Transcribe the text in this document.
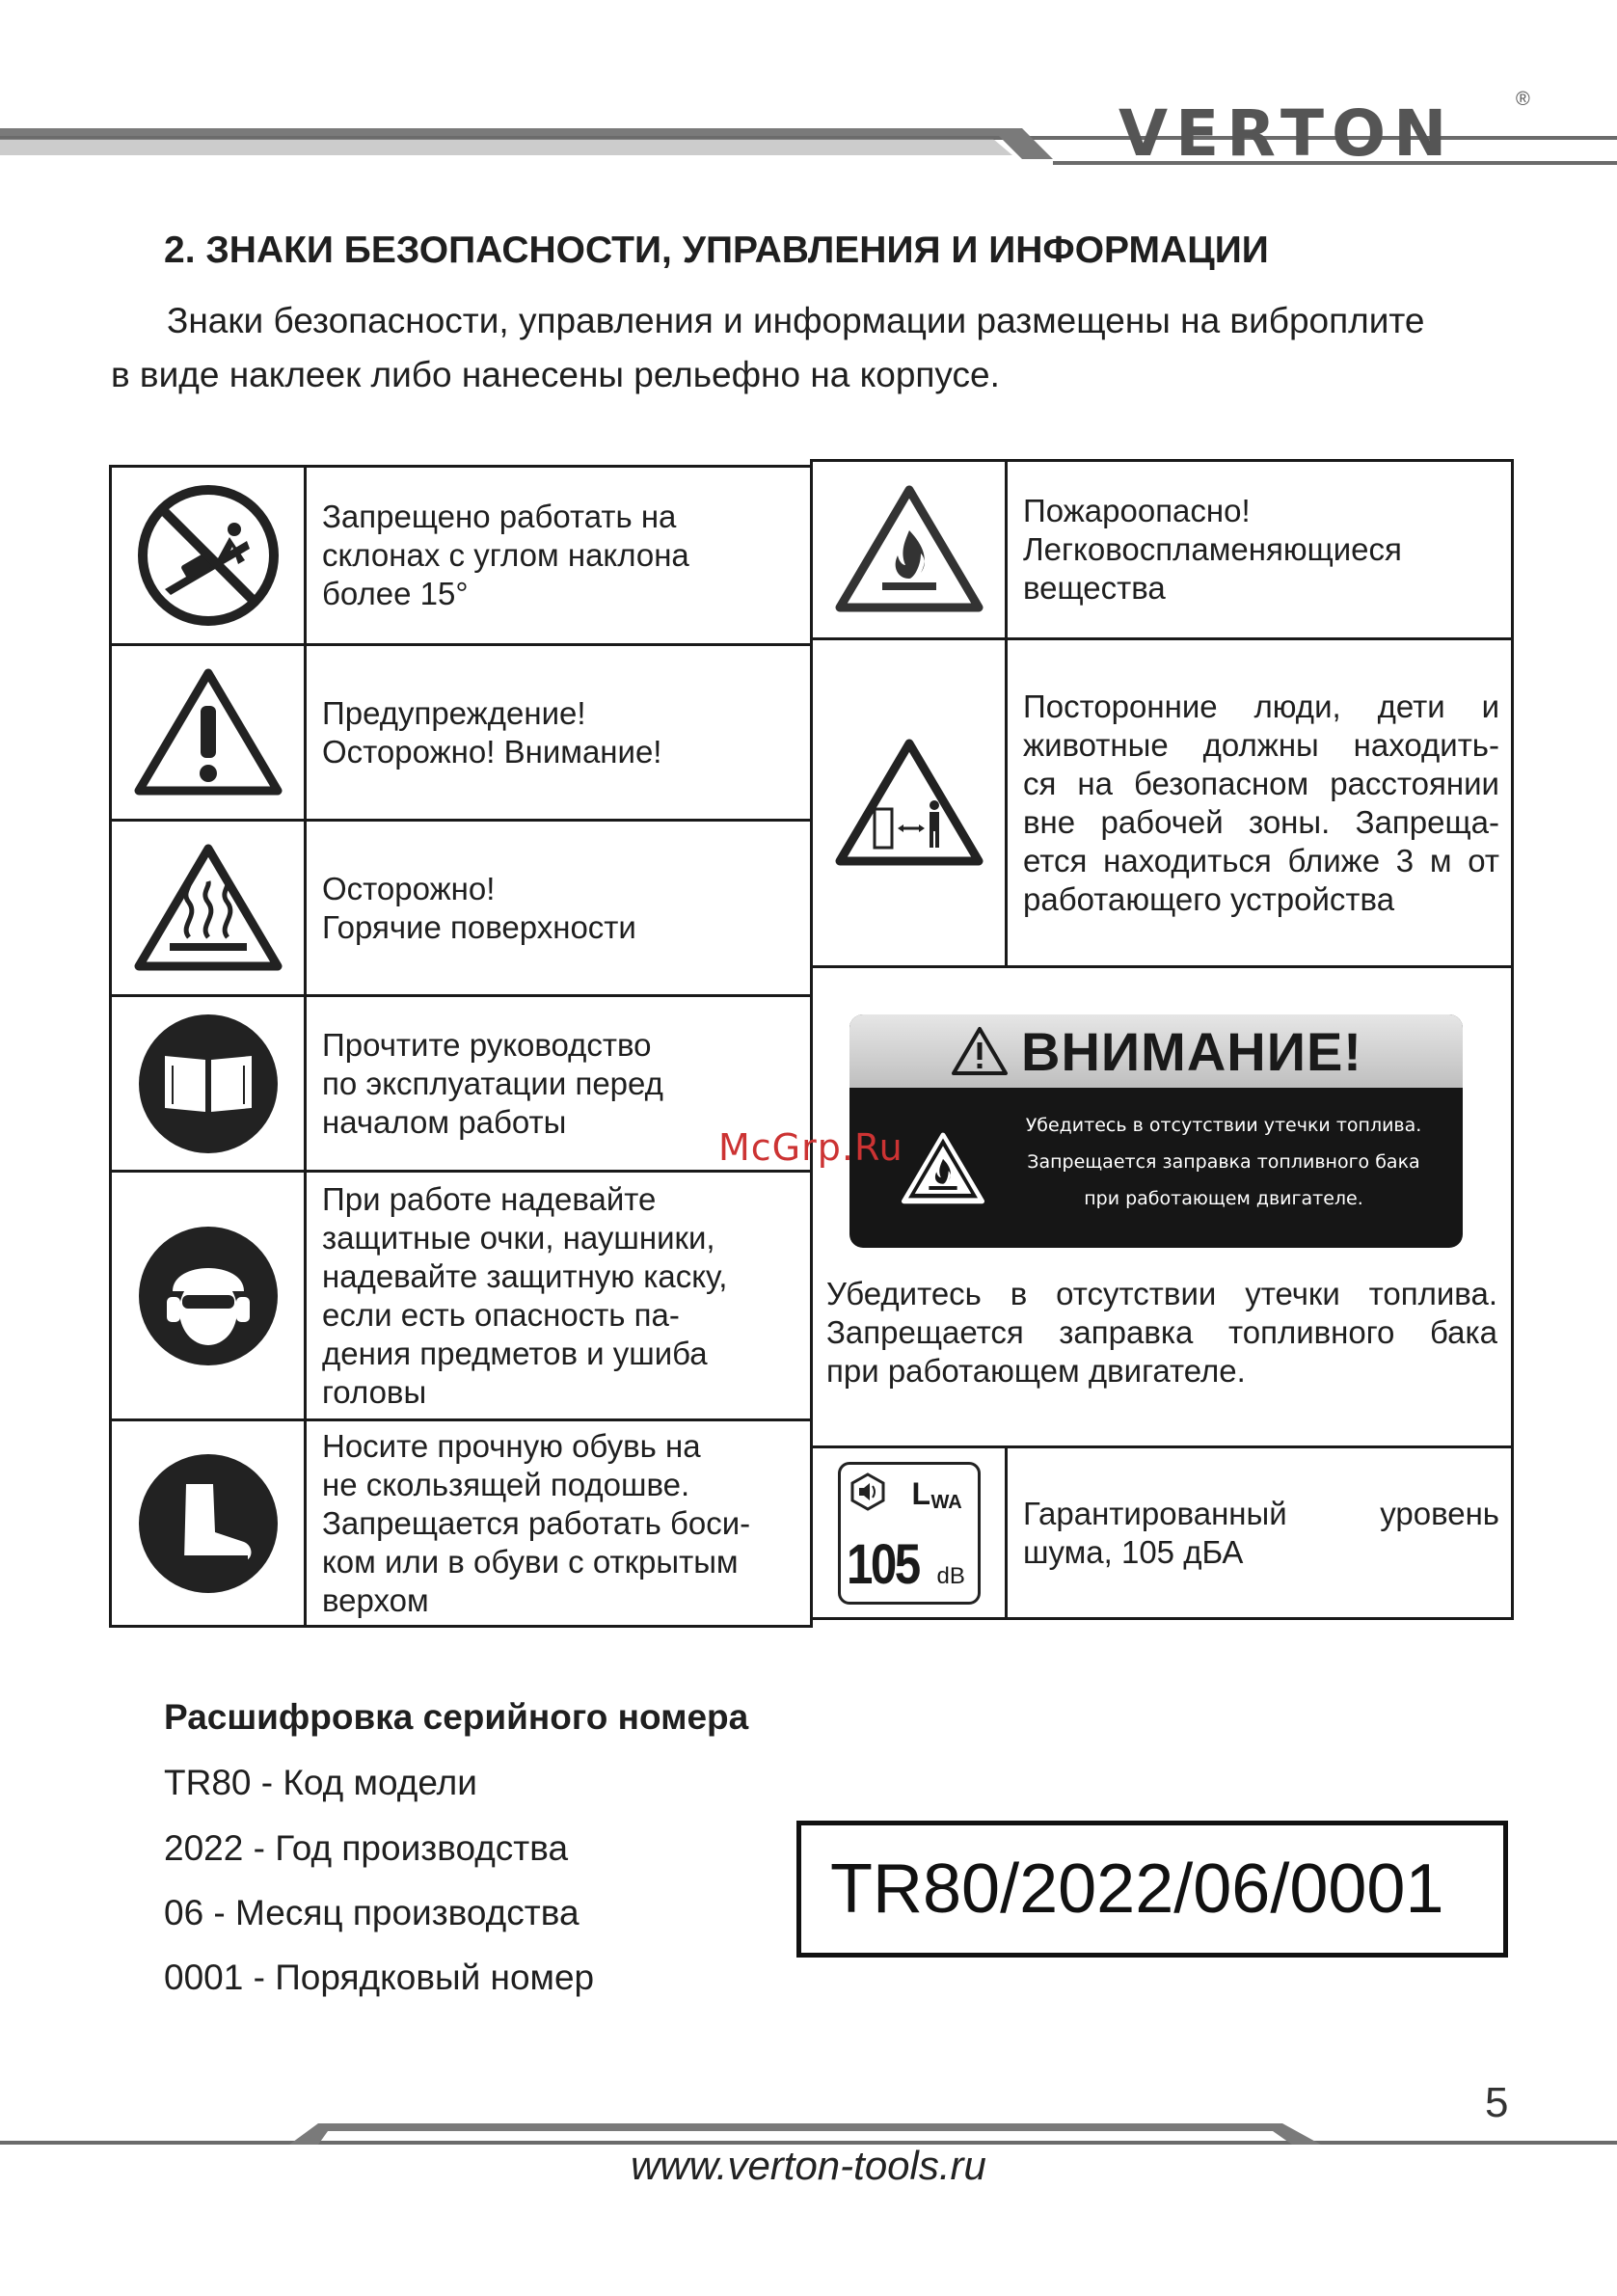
VERTON	®
2. ЗНАКИ БЕЗОПАСНОСТИ, УПРАВЛЕНИЯ И ИНФОРМАЦИИ
Знаки безопасности, управления и информации размещены на виброплите
в виде наклеек либо нанесены рельефно на корпусе.
Запрещено работать на
склонах с углом наклона
более 15°
Предупреждение!
Осторожно! Внимание!
Осторожно!
Горячие поверхности
Прочтите руководство
по эксплуатации перед
началом работы
При работе надевайте
защитные очки, наушники,
надевайте защитную каску,
если есть опасность па-
дения предметов и ушиба
головы
Носите прочную обувь на
не скользящей подошве.
Запрещается работать боси-
ком или в обуви с открытым
верхом
Пожароопасно!
Легковоспламеняющиеся
вещества
Посторонние люди, дети и
животные должны находить-
ся на безопасном расстоянии
вне рабочей зоны. Запреща-
ется находиться ближе 3 м от
работающего устройства
ВНИМАНИЕ!
Убедитесь в отсутствии утечки топлива.
Запрещается заправка топливного бака
при работающем двигателе.
Убедитесь в отсутствии утечки топлива.
Запрещается заправка топливного бака
при работающем двигателе.
L WA
105 dB
Гарантированный уровень
шума, 105 дБА
McGrp.Ru
Расшифровка серийного номера
TR80 - Код модели
2022 - Год производства
06 - Месяц производства
0001 - Порядковый номер
TR80/2022/06/0001
5
www.verton-tools.ru
